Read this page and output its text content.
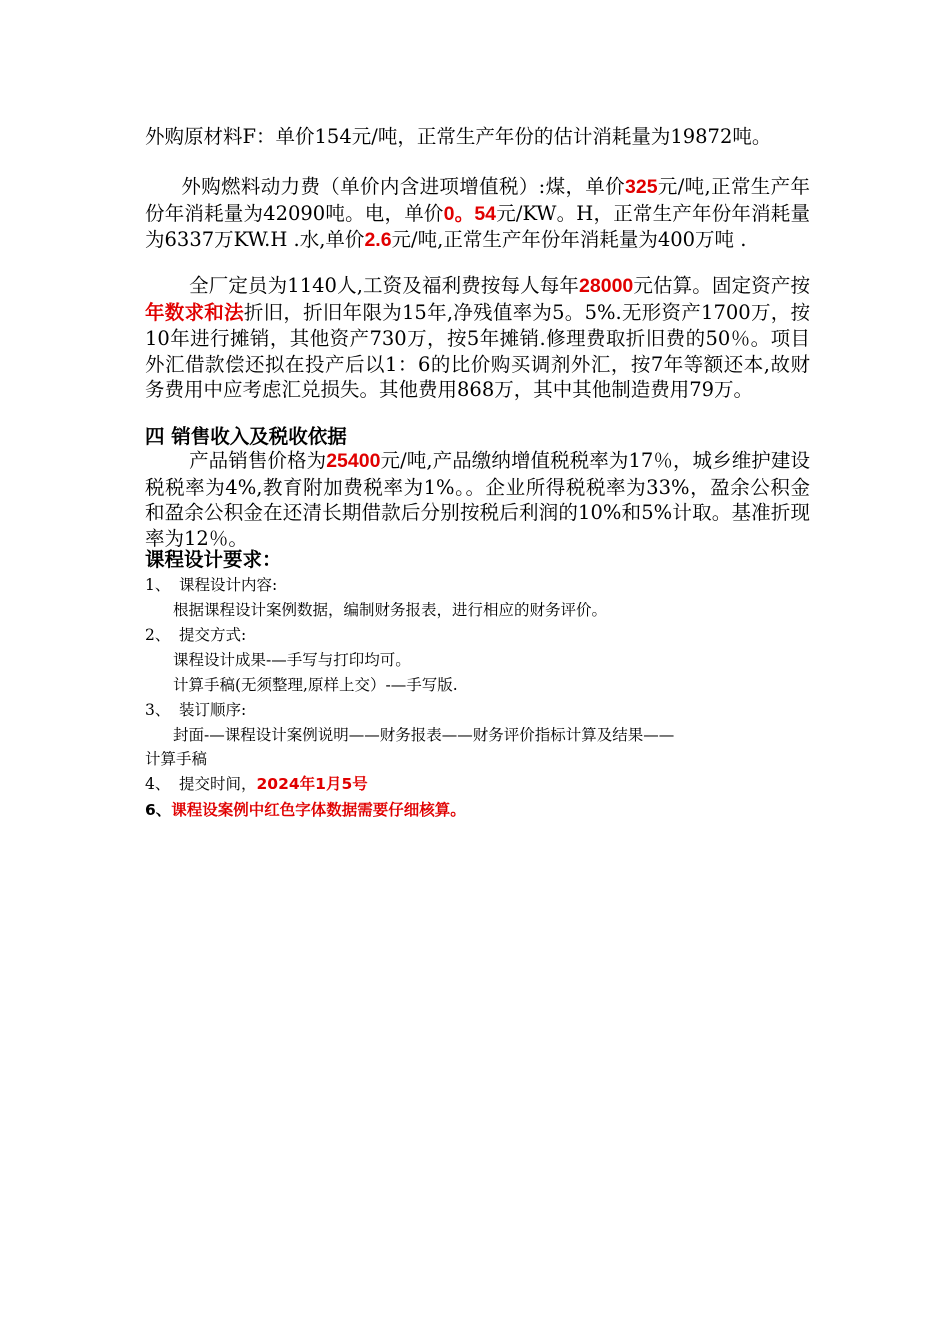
外购原材料F：单价154元/吨，正常生产年份的估计消耗量为19872吨。

外购燃料动力费（单价内含进项增值税）:煤，单价325元/吨,正常生产年份年消耗量为42090吨。电，单价0。54元/KW。H，正常生产年份年消耗量为6337万KW.H .水,单价2.6元/吨,正常生产年份年消耗量为400万吨 .

全厂定员为1140人,工资及福利费按每人每年28000元估算。固定资产按年数求和法折旧，折旧年限为15年,净残值率为5。5%.无形资产1700万，按10年进行摊销，其他资产730万，按5年摊销.修理费取折旧费的50％。项目外汇借款偿还拟在投产后以1：6的比价购买调剂外汇，按7年等额还本,故财务费用中应考虑汇兑损失。其他费用868万，其中其他制造费用79万。

四 销售收入及税收依据

产品销售价格为25400元/吨,产品缴纳增值税税率为17％，城乡维护建设税税率为4%,教育附加费税率为1%。。企业所得税税率为33%，盈余公积金和盈余公积金在还清长期借款后分别按税后利润的10%和5%计取。基准折现率为12％。

课程设计要求：
1、 课程设计内容:
根据课程设计案例数据，编制财务报表，进行相应的财务评价。
2、 提交方式:
课程设计成果-—手写与打印均可。
计算手稿(无须整理,原样上交）-—手写版.
3、 装订顺序:
封面-—课程设计案例说明——财务报表——财务评价指标计算及结果——
计算手稿
4、 提交时间，2024年1月5号
6、课程设案例中红色字体数据需要仔细核算。
